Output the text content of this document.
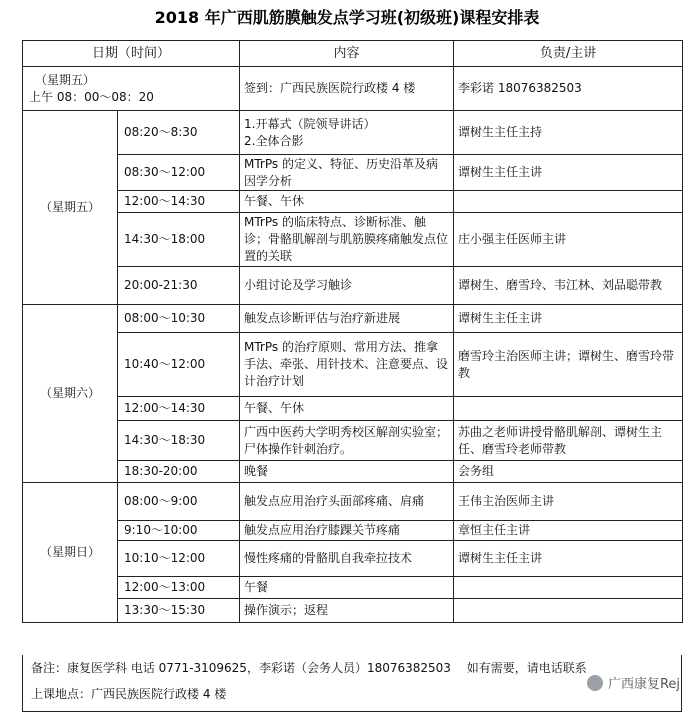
2018 年广西肌筋膜触发点学习班(初级班)课程安排表
日期（时间）		内容	负责/主讲

（星期五）
上午 08：00～08：20		签到：广西民族医院行政楼 4 楼	李彩诺 18076382503
（星期五）	08:20～8:30	1.开幕式（院领导讲话）
2.全体合影	谭树生主任主持
	08:30～12:00	MTrPs 的定义、特征、历史沿革及病因学分析	谭树生主任主讲
	12:00～14:30	午餐、午休	
	14:30～18:00	MTrPs 的临床特点、诊断标准、触诊；骨骼肌解剖与肌筋膜疼痛触发点位置的关联	庄小强主任医师主讲
	20:00-21:30	小组讨论及学习触诊	谭树生、磨雪玲、韦江林、刘品聪带教
（星期六）	08:00～10:30	触发点诊断评估与治疗新进展	谭树生主任主讲
	10:40～12:00	MTrPs 的治疗原则、常用方法、推拿手法、牵张、用针技术、注意要点、设计治疗计划	磨雪玲主治医师主讲；谭树生、磨雪玲带教
	12:00～14:30	午餐、午休	
	14:30～18:30	广西中医药大学明秀校区解剖实验室；尸体操作针刺治疗。	苏曲之老师讲授骨骼肌解剖、谭树生主任、磨雪玲老师带教
	18:30-20:00	晚餐	会务组
（星期日）	08:00～9:00	触发点应用治疗头面部疼痛、肩痛	王伟主治医师主讲
	9:10～10:00	触发点应用治疗膝踝关节疼痛	章恒主任主讲
	10:10～12:00	慢性疼痛的骨骼肌自我牵拉技术	谭树生主任主讲
	12:00～13:00	午餐	
	13:30～15:30	操作演示；返程	
备注：康复医学科 电话 0771-3109625，李彩诺（会务人员）18076382503　 如有需要，请电话联系
上课地点：广西民族医院行政楼 4 楼
广西康复Rej
